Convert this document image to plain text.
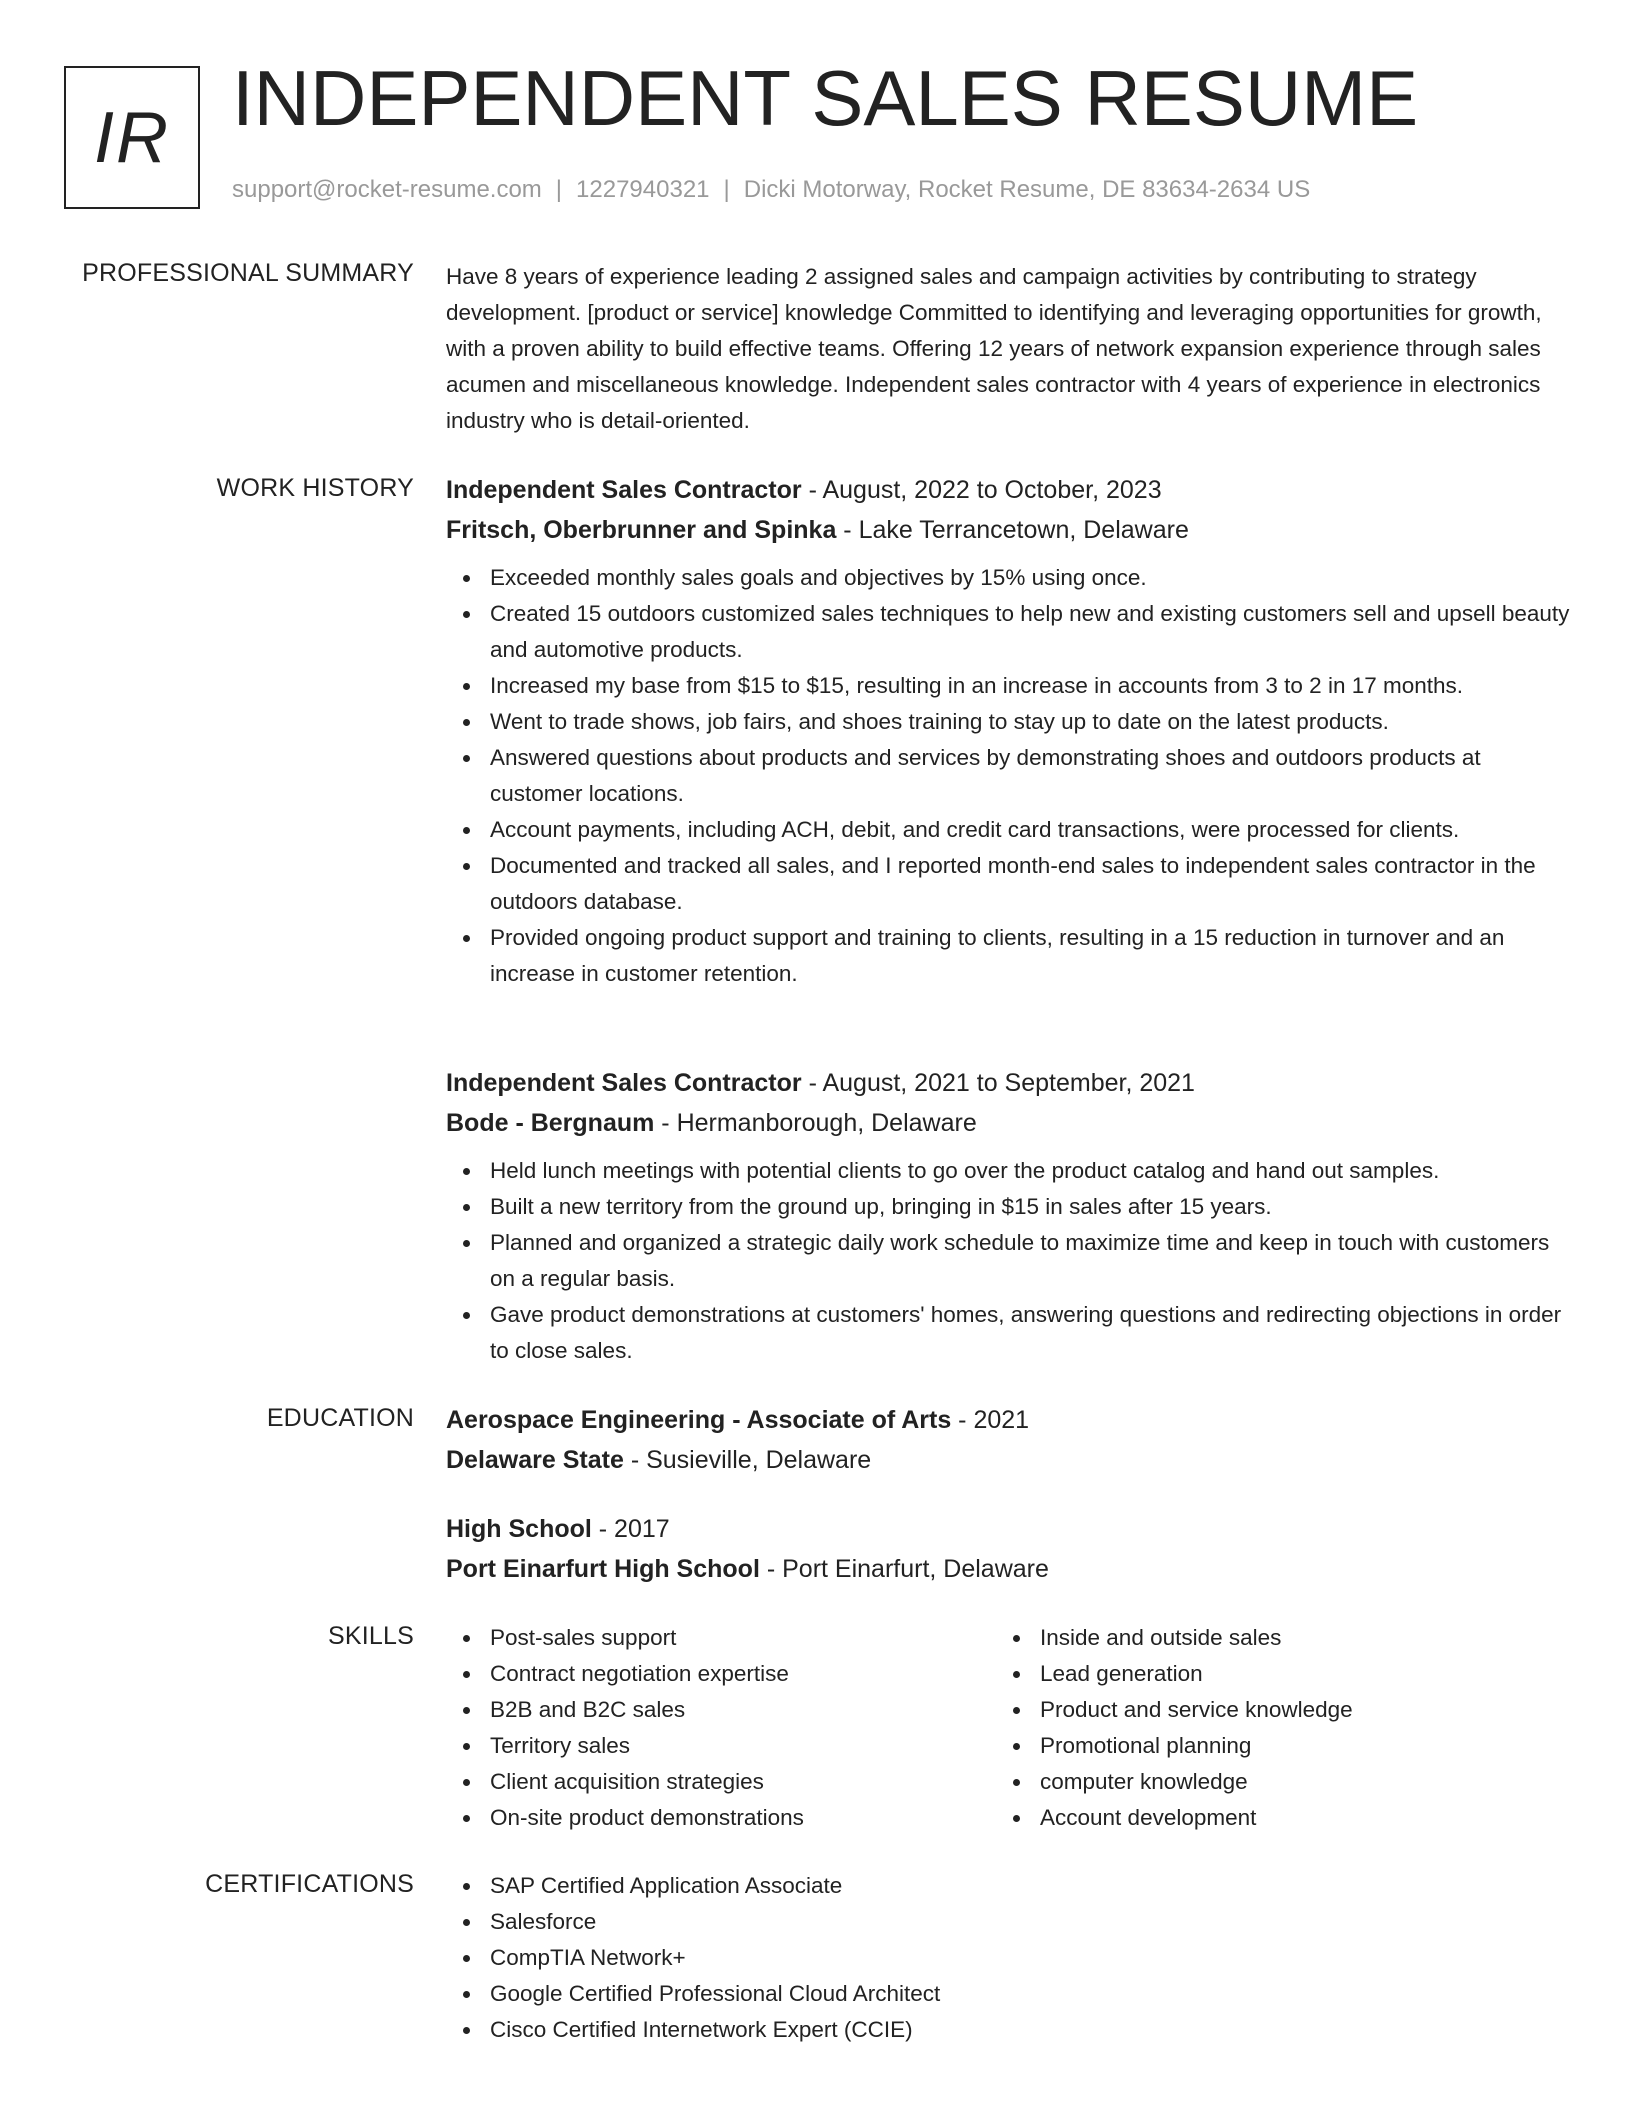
IR INDEPENDENT SALES RESUME
support@rocket-resume.com | 1227940321 | Dicki Motorway, Rocket Resume, DE 83634-2634 US
PROFESSIONAL SUMMARY Have 8 years of experience leading 2 assigned sales and campaign activities by contributing to strategy development. [product or service] knowledge Committed to identifying and leveraging opportunities for growth, with a proven ability to build effective teams. Offering 12 years of network expansion experience through sales acumen and miscellaneous knowledge. Independent sales contractor with 4 years of experience in electronics industry who is detail-oriented.
WORK HISTORY Independent Sales Contractor - August, 2022 to October, 2023
Fritsch, Oberbrunner and Spinka - Lake Terrancetown, Delaware
Exceeded monthly sales goals and objectives by 15% using once.
Created 15 outdoors customized sales techniques to help new and existing customers sell and upsell beauty and automotive products.
Increased my base from $15 to $15, resulting in an increase in accounts from 3 to 2 in 17 months.
Went to trade shows, job fairs, and shoes training to stay up to date on the latest products.
Answered questions about products and services by demonstrating shoes and outdoors products at customer locations.
Account payments, including ACH, debit, and credit card transactions, were processed for clients.
Documented and tracked all sales, and I reported month-end sales to independent sales contractor in the outdoors database.
Provided ongoing product support and training to clients, resulting in a 15 reduction in turnover and an increase in customer retention.
Independent Sales Contractor - August, 2021 to September, 2021
Bode - Bergnaum - Hermanborough, Delaware
Held lunch meetings with potential clients to go over the product catalog and hand out samples.
Built a new territory from the ground up, bringing in $15 in sales after 15 years.
Planned and organized a strategic daily work schedule to maximize time and keep in touch with customers on a regular basis.
Gave product demonstrations at customers' homes, answering questions and redirecting objections in order to close sales.
EDUCATION Aerospace Engineering - Associate of Arts - 2021
Delaware State - Susieville, Delaware
High School - 2017
Port Einarfurt High School - Port Einarfurt, Delaware
SKILLS	Post-sales support
Contract negotiation expertise
B2B and B2C sales
Territory sales
Client acquisition strategies
On-site product demonstrations
Inside and outside sales
Lead generation
Product and service knowledge
Promotional planning
computer knowledge
Account development
CERTIFICATIONS	SAP Certified Application Associate
Salesforce
CompTIA Network+
Google Certified Professional Cloud Architect
Cisco Certified Internetwork Expert (CCIE)
